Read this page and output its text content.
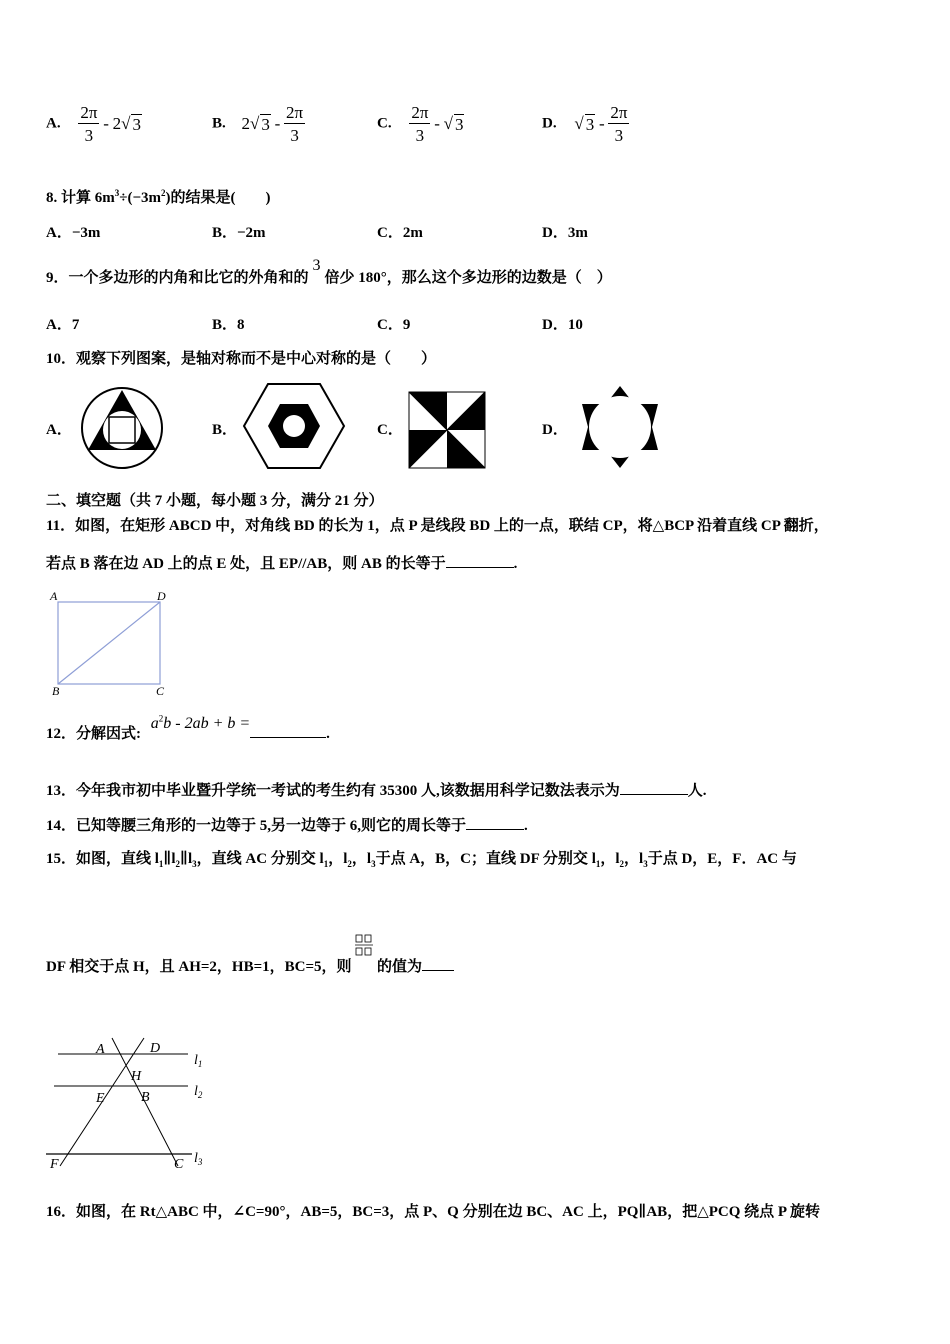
A. $\frac{2\pi}{3} - 2√$ 3	B. 2√ $3 - \frac{2\pi}{3}$	C. $\frac{2\pi}{3}$ - √ 3	D. √ $3 - \frac{2\pi}{3}$
8. 计算 $6m^3\div(-3m^2)$的结果是(　　)
A．−3m	B．−2m	C．2m	D．3m
9．一个多边形的内角和比它的外角和的3倍少 180°，那么这个多边形的边数是（　）
A．7	B．8	C．9	D．10
10．观察下列图案，是轴对称而不是中心对称的是（　　）
A．	B．	C．	D．
二、填空题（共 7 小题，每小题 3 分，满分 21 分）
11．如图，在矩形 ABCD 中，对角线 BD 的长为 1，点 P 是线段 BD 上的一点，联结 CP，将△BCP 沿着直线 CP 翻折，
若点 B 落在边 AD 上的点 E 处，且 EP//AB，则 AB 的长等于	.
A	D
B	C
12．分解因式: $a^2b - 2ab + b$ =.
13．今年我市初中毕业暨升学统一考试的考生约有 35300 人,该数据用科学记数法表示为	人.
14．已知等腰三角形的一边等于 5,另一边等于 6,则它的周长等于	.
15．如图，直线 $l_1\parallel l_2\parallel l_3$，直线 AC 分别交 $l_1$，$l_2$，$l_3$于点 A，B，C；直线 DF 分别交 $l_1$，$l_2$，$l_3$于点 D，E，F．AC 与
DF 相交于点 H，且 AH=2，HB=1，BC=5，则 的值为
A	D
H
E	B
F	C
$l_1$
$l_2$
$l_3$
16．如图，在 Rt△ABC 中，∠C=90°，AB=5，BC=3，点 P、Q 分别在边 BC、AC 上，PQ∥AB，把△PCQ 绕点 P 旋转
